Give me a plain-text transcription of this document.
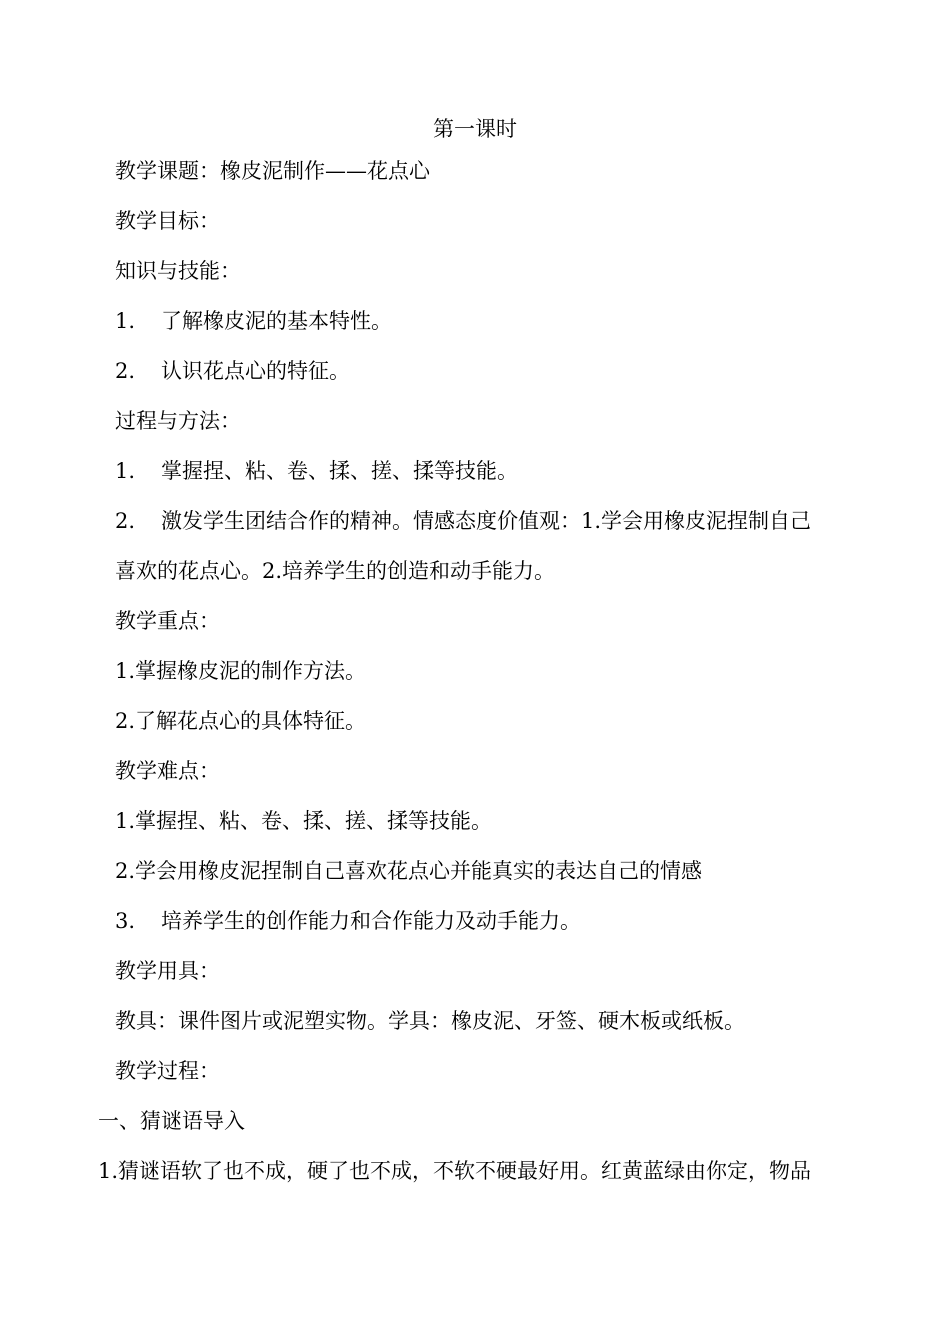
第一课时
教学课题：橡皮泥制作——花点心
教学目标：
知识与技能：
1. 了解橡皮泥的基本特性。
2. 认识花点心的特征。
过程与方法：
1. 掌握捏、粘、卷、揉、搓、揉等技能。
2. 激发学生团结合作的精神。情感态度价值观：1.学会用橡皮泥捏制自己
喜欢的花点心。2.培养学生的创造和动手能力。
教学重点：
1.掌握橡皮泥的制作方法。
2.了解花点心的具体特征。
教学难点：
1.掌握捏、粘、卷、揉、搓、揉等技能。
2.学会用橡皮泥捏制自己喜欢花点心并能真实的表达自己的情感
3. 培养学生的创作能力和合作能力及动手能力。
教学用具：
教具：课件图片或泥塑实物。学具：橡皮泥、牙签、硬木板或纸板。
教学过程：
一、猜谜语导入
1.猜谜语软了也不成，硬了也不成，不软不硬最好用。红黄蓝绿由你定，物品
